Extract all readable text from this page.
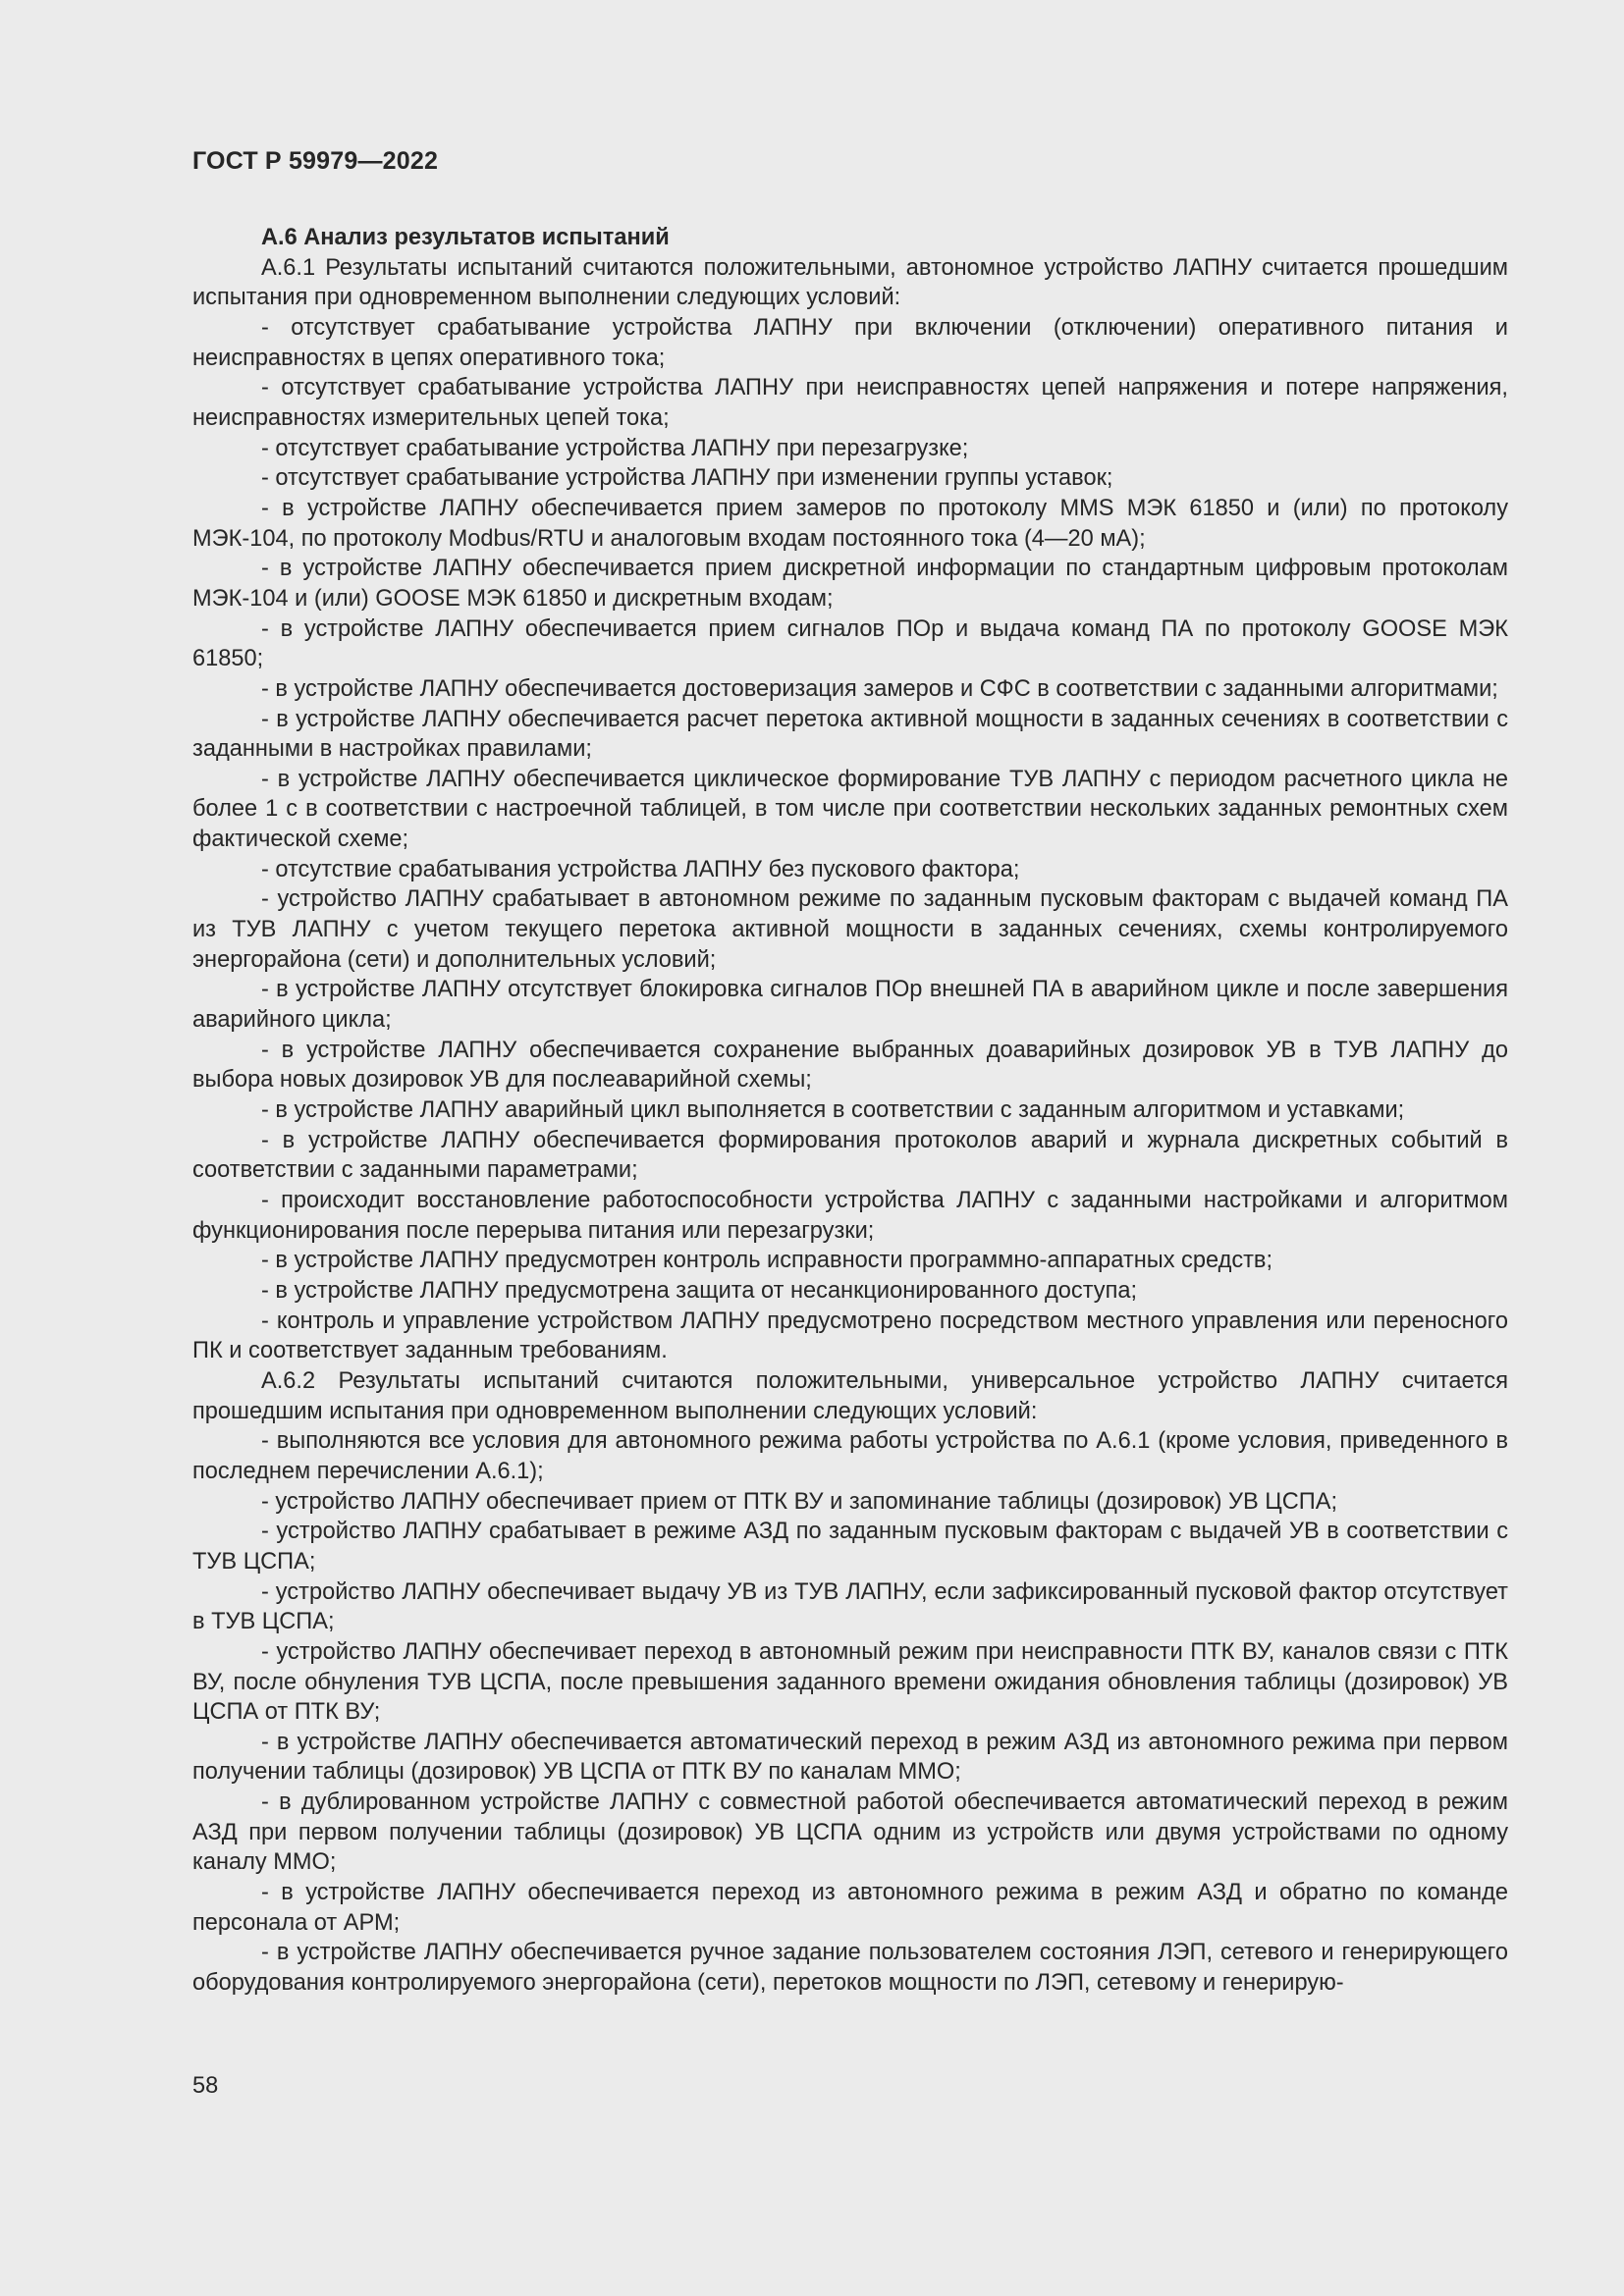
ГОСТ Р 59979—2022

А.6 Анализ результатов испытаний

А.6.1 Результаты испытаний считаются положительными, автономное устройство ЛАПНУ считается прошедшим испытания при одновременном выполнении следующих условий:

- отсутствует срабатывание устройства ЛАПНУ при включении (отключении) оперативного питания и неисправностях в цепях оперативного тока;

- отсутствует срабатывание устройства ЛАПНУ при неисправностях цепей напряжения и потере напряжения, неисправностях измерительных цепей тока;

- отсутствует срабатывание устройства ЛАПНУ при перезагрузке;

- отсутствует срабатывание устройства ЛАПНУ при изменении группы уставок;

- в устройстве ЛАПНУ обеспечивается прием замеров по протоколу MMS МЭК 61850 и (или) по протоколу МЭК-104, по протоколу Modbus/RTU и аналоговым входам постоянного тока (4—20 мА);

- в устройстве ЛАПНУ обеспечивается прием дискретной информации по стандартным цифровым протоколам МЭК-104 и (или) GOOSE МЭК 61850 и дискретным входам;

- в устройстве ЛАПНУ обеспечивается прием сигналов ПОр и выдача команд ПА по протоколу GOOSE МЭК 61850;

- в устройстве ЛАПНУ обеспечивается достоверизация замеров и СФС в соответствии с заданными алгоритмами;

- в устройстве ЛАПНУ обеспечивается расчет перетока активной мощности в заданных сечениях в соответствии с заданными в настройках правилами;

- в устройстве ЛАПНУ обеспечивается циклическое формирование ТУВ ЛАПНУ с периодом расчетного цикла не более 1 с в соответствии с настроечной таблицей, в том числе при соответствии нескольких заданных ремонтных схем фактической схеме;

- отсутствие срабатывания устройства ЛАПНУ без пускового фактора;

- устройство ЛАПНУ срабатывает в автономном режиме по заданным пусковым факторам с выдачей команд ПА из ТУВ ЛАПНУ с учетом текущего перетока активной мощности в заданных сечениях, схемы контролируемого энергорайона (сети) и дополнительных условий;

- в устройстве ЛАПНУ отсутствует блокировка сигналов ПОр внешней ПА в аварийном цикле и после завершения аварийного цикла;

- в устройстве ЛАПНУ обеспечивается сохранение выбранных доаварийных дозировок УВ в ТУВ ЛАПНУ до выбора новых дозировок УВ для послеаварийной схемы;

- в устройстве ЛАПНУ аварийный цикл выполняется в соответствии с заданным алгоритмом и уставками;

- в устройстве ЛАПНУ обеспечивается формирования протоколов аварий и журнала дискретных событий в соответствии с заданными параметрами;

- происходит восстановление работоспособности устройства ЛАПНУ с заданными настройками и алгоритмом функционирования после перерыва питания или перезагрузки;

- в устройстве ЛАПНУ предусмотрен контроль исправности программно-аппаратных средств;

- в устройстве ЛАПНУ предусмотрена защита от несанкционированного доступа;

- контроль и управление устройством ЛАПНУ предусмотрено посредством местного управления или переносного ПК и соответствует заданным требованиям.

А.6.2 Результаты испытаний считаются положительными, универсальное устройство ЛАПНУ считается прошедшим испытания при одновременном выполнении следующих условий:

- выполняются все условия для автономного режима работы устройства по А.6.1 (кроме условия, приведенного в последнем перечислении А.6.1);

- устройство ЛАПНУ обеспечивает прием от ПТК ВУ и запоминание таблицы (дозировок) УВ ЦСПА;

- устройство ЛАПНУ срабатывает в режиме АЗД по заданным пусковым факторам с выдачей УВ в соответствии с ТУВ ЦСПА;

- устройство ЛАПНУ обеспечивает выдачу УВ из ТУВ ЛАПНУ, если зафиксированный пусковой фактор отсутствует в ТУВ ЦСПА;

- устройство ЛАПНУ обеспечивает переход в автономный режим при неисправности ПТК ВУ, каналов связи с ПТК ВУ, после обнуления ТУВ ЦСПА, после превышения заданного времени ожидания обновления таблицы (дозировок) УВ ЦСПА от ПТК ВУ;

- в устройстве ЛАПНУ обеспечивается автоматический переход в режим АЗД из автономного режима при первом получении таблицы (дозировок) УВ ЦСПА от ПТК ВУ по каналам ММО;

- в дублированном устройстве ЛАПНУ с совместной работой обеспечивается автоматический переход в режим АЗД при первом получении таблицы (дозировок) УВ ЦСПА одним из устройств или двумя устройствами по одному каналу ММО;

- в устройстве ЛАПНУ обеспечивается переход из автономного режима в режим АЗД и обратно по команде персонала от АРМ;

- в устройстве ЛАПНУ обеспечивается ручное задание пользователем состояния ЛЭП, сетевого и генерирующего оборудования контролируемого энергорайона (сети), перетоков мощности по ЛЭП, сетевому и генерирую-

58
